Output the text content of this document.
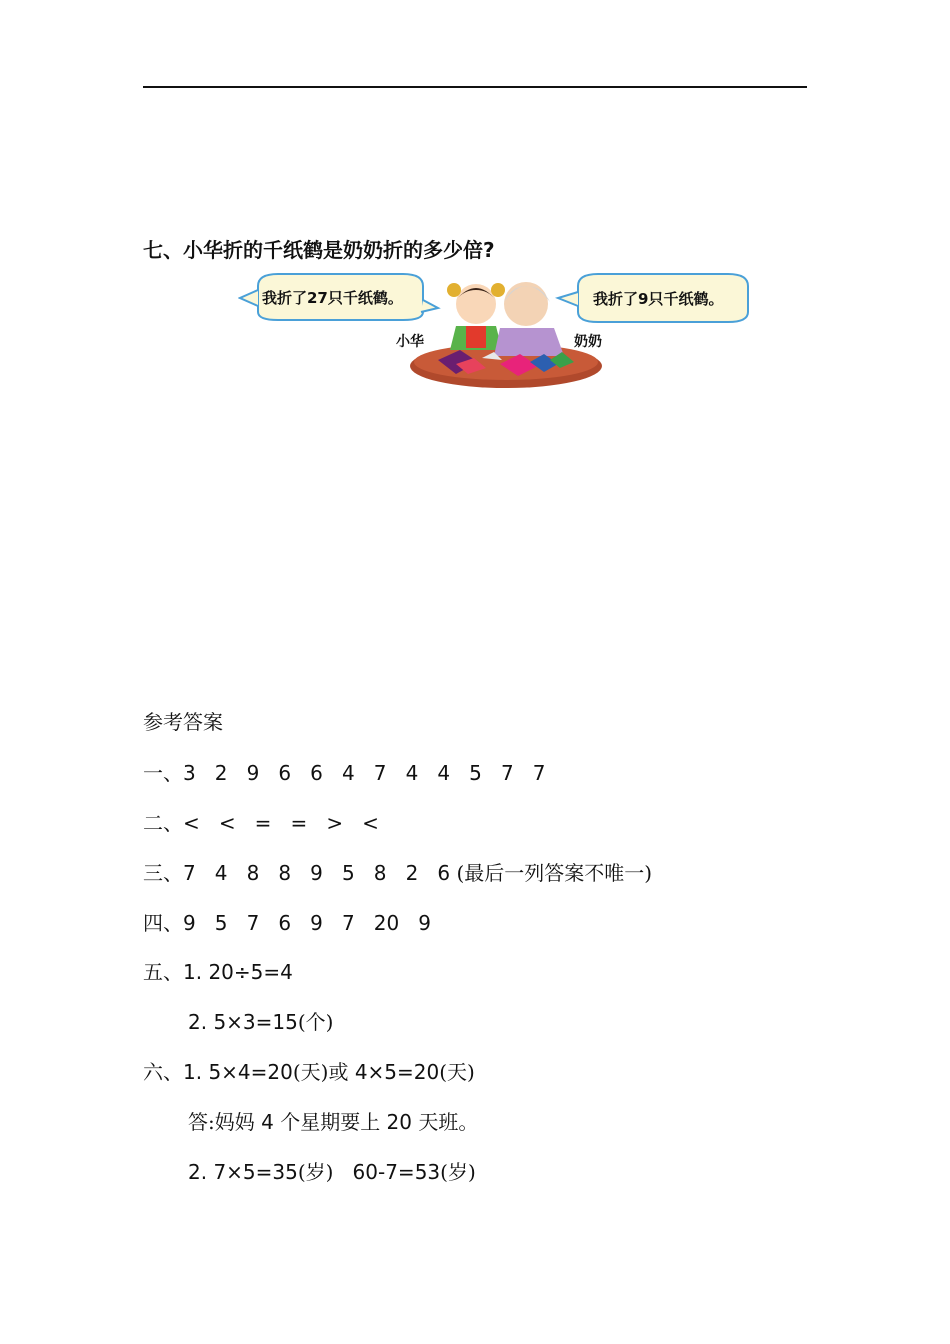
七、小华折的千纸鹤是奶奶折的多少倍?
我折了27只千纸鹤。	我折了9只千纸鹤。
小华	奶奶
参考答案
一、3   2   9   6   6   4   7   4   4   5   7   7
二、<   <   =   =   >   <
三、7   4   8   8   9   5   8   2   6 (最后一列答案不唯一)
四、9   5   7   6   9   7   20   9
五、1. 20÷5=4
2. 5×3=15(个)
六、1. 5×4=20(天)或 4×5=20(天)
答:妈妈 4 个星期要上 20 天班。
2. 7×5=35(岁)   60-7=53(岁)
